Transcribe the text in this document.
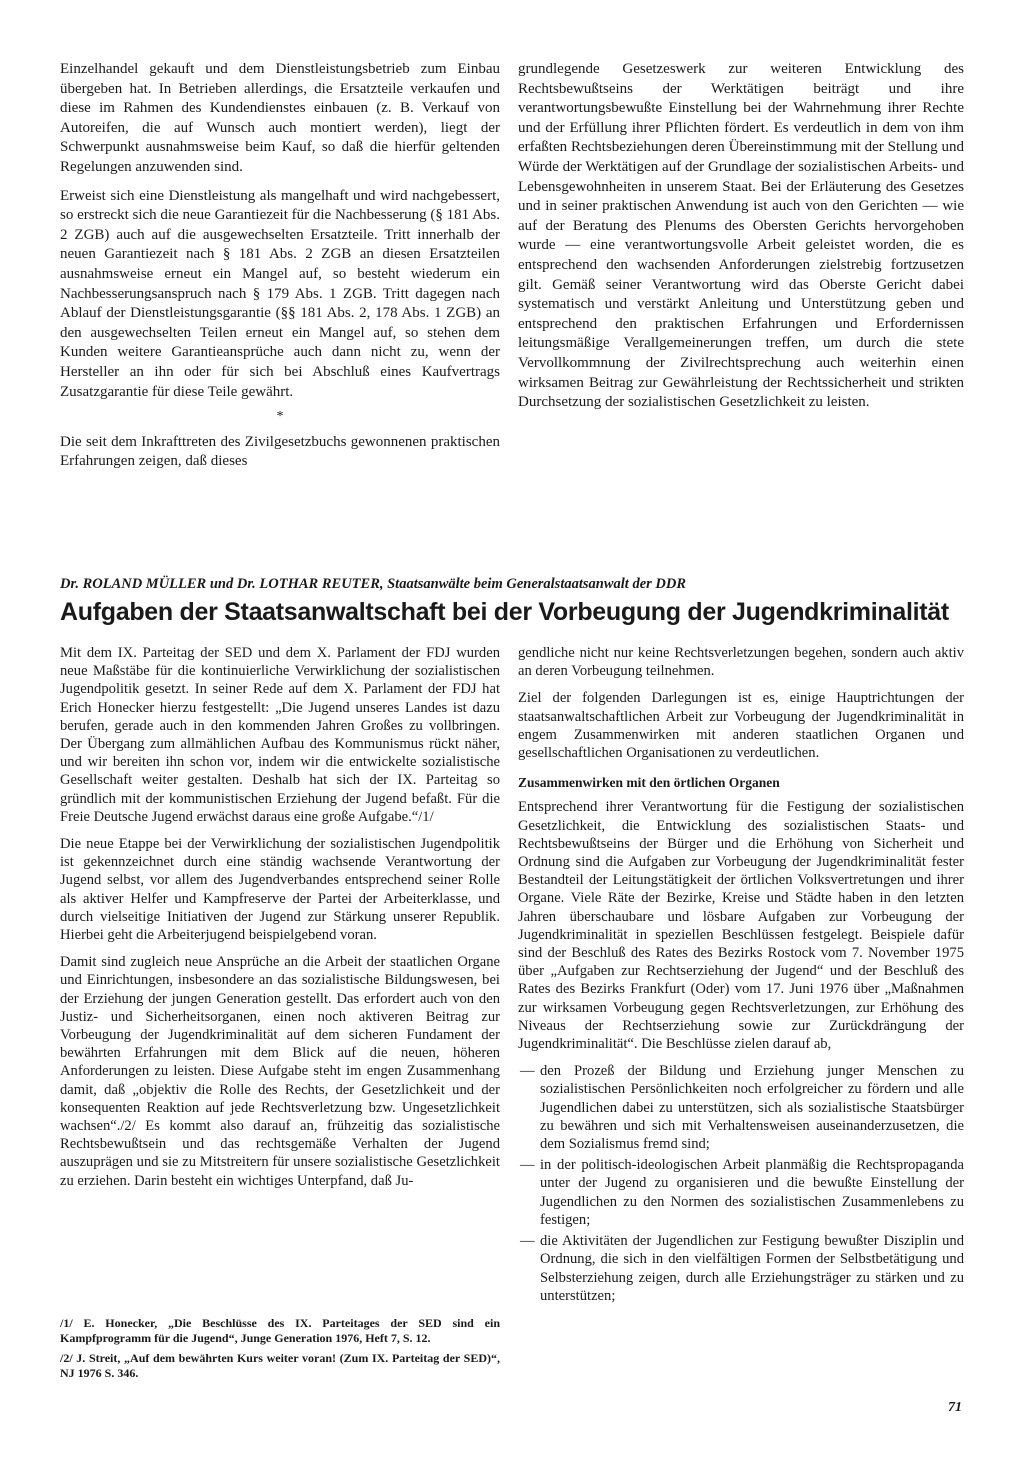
Einzelhandel gekauft und dem Dienstleistungsbetrieb zum Einbau übergeben hat. In Betrieben allerdings, die Ersatzteile verkaufen und diese im Rahmen des Kundendienstes einbauen (z. B. Verkauf von Autoreifen, die auf Wunsch auch montiert werden), liegt der Schwerpunkt ausnahmsweise beim Kauf, so daß die hierfür geltenden Regelungen anzuwenden sind.

Erweist sich eine Dienstleistung als mangelhaft und wird nachgebessert, so erstreckt sich die neue Garantiezeit für die Nachbesserung (§ 181 Abs. 2 ZGB) auch auf die ausgewechselten Ersatzteile. Tritt innerhalb der neuen Garantiezeit nach § 181 Abs. 2 ZGB an diesen Ersatzteilen ausnahmsweise erneut ein Mangel auf, so besteht wiederum ein Nachbesserungsanspruch nach § 179 Abs. 1 ZGB. Tritt dagegen nach Ablauf der Dienstleistungsgarantie (§§ 181 Abs. 2, 178 Abs. 1 ZGB) an den ausgewechselten Teilen erneut ein Mangel auf, so stehen dem Kunden weitere Garantieansprüche auch dann nicht zu, wenn der Hersteller an ihn oder für sich bei Abschluß eines Kaufvertrags Zusatzgarantie für diese Teile gewährt.

*

Die seit dem Inkrafttreten des Zivilgesetzbuchs gewonnenen praktischen Erfahrungen zeigen, daß dieses

grundlegende Gesetzeswerk zur weiteren Entwicklung des Rechtsbewußtseins der Werktätigen beiträgt und ihre verantwortungsbewußte Einstellung bei der Wahrnehmung ihrer Rechte und der Erfüllung ihrer Pflichten fördert. Es verdeutlich in dem von ihm erfaßten Rechtsbeziehungen deren Übereinstimmung mit der Stellung und Würde der Werktätigen auf der Grundlage der sozialistischen Arbeits- und Lebensgewohnheiten in unserem Staat. Bei der Erläuterung des Gesetzes und in seiner praktischen Anwendung ist auch von den Gerichten — wie auf der Beratung des Plenums des Obersten Gerichts hervorgehoben wurde — eine verantwortungsvolle Arbeit geleistet worden, die es entsprechend den wachsenden Anforderungen zielstrebig fortzusetzen gilt. Gemäß seiner Verantwortung wird das Oberste Gericht dabei systematisch und verstärkt Anleitung und Unterstützung geben und entsprechend den praktischen Erfahrungen und Erfordernissen leitungsmäßige Verallgemeinerungen treffen, um durch die stete Vervollkommnung der Zivilrechtsprechung auch weiterhin einen wirksamen Beitrag zur Gewährleistung der Rechtssicherheit und strikten Durchsetzung der sozialistischen Gesetzlichkeit zu leisten.

Dr. ROLAND MÜLLER und Dr. LOTHAR REUTER, Staatsanwälte beim Generalstaatsanwalt der DDR
Aufgaben der Staatsanwaltschaft bei der Vorbeugung der Jugendkriminalität

Mit dem IX. Parteitag der SED und dem X. Parlament der FDJ wurden neue Maßstäbe für die kontinuierliche Verwirklichung der sozialistischen Jugendpolitik gesetzt. In seiner Rede auf dem X. Parlament der FDJ hat Erich Honecker hierzu festgestellt: „Die Jugend unseres Landes ist dazu berufen, gerade auch in den kommenden Jahren Großes zu vollbringen. Der Übergang zum allmählichen Aufbau des Kommunismus rückt näher, und wir bereiten ihn schon vor, indem wir die entwickelte sozialistische Gesellschaft weiter gestalten. Deshalb hat sich der IX. Parteitag so gründlich mit der kommunistischen Erziehung der Jugend befaßt. Für die Freie Deutsche Jugend erwächst daraus eine große Aufgabe.“/1/

Die neue Etappe bei der Verwirklichung der sozialistischen Jugendpolitik ist gekennzeichnet durch eine ständig wachsende Verantwortung der Jugend selbst, vor allem des Jugendverbandes entsprechend seiner Rolle als aktiver Helfer und Kampfreserve der Partei der Arbeiterklasse, und durch vielseitige Initiativen der Jugend zur Stärkung unserer Republik. Hierbei geht die Arbeiterjugend beispielgebend voran.

Damit sind zugleich neue Ansprüche an die Arbeit der staatlichen Organe und Einrichtungen, insbesondere an das sozialistische Bildungswesen, bei der Erziehung der jungen Generation gestellt. Das erfordert auch von den Justiz- und Sicherheitsorganen, einen noch aktiveren Beitrag zur Vorbeugung der Jugendkriminalität auf dem sicheren Fundament der bewährten Erfahrungen mit dem Blick auf die neuen, höheren Anforderungen zu leisten. Diese Aufgabe steht im engen Zusammenhang damit, daß „objektiv die Rolle des Rechts, der Gesetzlichkeit und der konsequenten Reaktion auf jede Rechtsverletzung bzw. Ungesetzlichkeit wachsen“./2/ Es kommt also darauf an, frühzeitig das sozialistische Rechtsbewußtsein und das rechtsgemäße Verhalten der Jugend auszuprägen und sie zu Mitstreitern für unsere sozialistische Gesetzlichkeit zu erziehen. Darin besteht ein wichtiges Unterpfand, daß Ju-

gendliche nicht nur keine Rechtsverletzungen begehen, sondern auch aktiv an deren Vorbeugung teilnehmen.

Ziel der folgenden Darlegungen ist es, einige Hauptrichtungen der staatsanwaltschaftlichen Arbeit zur Vorbeugung der Jugendkriminalität in engem Zusammenwirken mit anderen staatlichen Organen und gesellschaftlichen Organisationen zu verdeutlichen.

Zusammenwirken mit den örtlichen Organen

Entsprechend ihrer Verantwortung für die Festigung der sozialistischen Gesetzlichkeit, die Entwicklung des sozialistischen Staats- und Rechtsbewußtseins der Bürger und die Erhöhung von Sicherheit und Ordnung sind die Aufgaben zur Vorbeugung der Jugendkriminalität fester Bestandteil der Leitungstätigkeit der örtlichen Volksvertretungen und ihrer Organe. Viele Räte der Bezirke, Kreise und Städte haben in den letzten Jahren überschaubare und lösbare Aufgaben zur Vorbeugung der Jugendkriminalität in speziellen Beschlüssen festgelegt. Beispiele dafür sind der Beschluß des Rates des Bezirks Rostock vom 7. November 1975 über „Aufgaben zur Rechtserziehung der Jugend“ und der Beschluß des Rates des Bezirks Frankfurt (Oder) vom 17. Juni 1976 über „Maßnahmen zur wirksamen Vorbeugung gegen Rechtsverletzungen, zur Erhöhung des Niveaus der Rechtserziehung sowie zur Zurückdrängung der Jugendkriminalität“. Die Beschlüsse zielen darauf ab,

— den Prozeß der Bildung und Erziehung junger Menschen zu sozialistischen Persönlichkeiten noch erfolgreicher zu fördern und alle Jugendlichen dabei zu unterstützen, sich als sozialistische Staatsbürger zu bewähren und sich mit Verhaltensweisen auseinanderzusetzen, die dem Sozialismus fremd sind;
— in der politisch-ideologischen Arbeit planmäßig die Rechtspropaganda unter der Jugend zu organisieren und die bewußte Einstellung der Jugendlichen zu den Normen des sozialistischen Zusammenlebens zu festigen;
— die Aktivitäten der Jugendlichen zur Festigung bewußter Disziplin und Ordnung, die sich in den vielfältigen Formen der Selbstbetätigung und Selbsterziehung zeigen, durch alle Erziehungsträger zu stärken und zu unterstützen;

/1/ E. Honecker, „Die Beschlüsse des IX. Parteitages der SED sind ein Kampfprogramm für die Jugend“, Junge Generation 1976, Heft 7, S. 12.

/2/ J. Streit, „Auf dem bewährten Kurs weiter voran! (Zum IX. Parteitag der SED)“, NJ 1976 S. 346.

71
